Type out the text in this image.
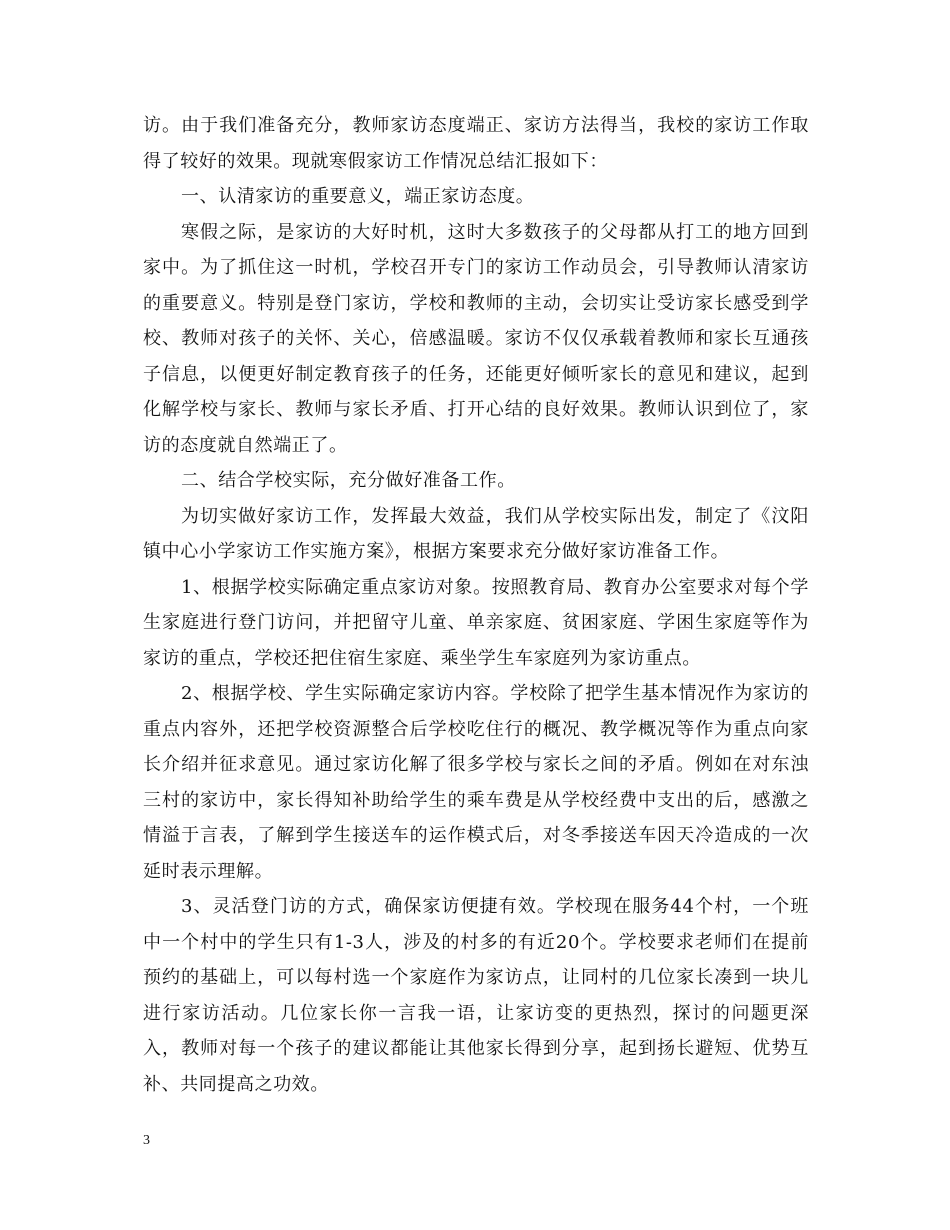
访。由于我们准备充分，教师家访态度端正、家访方法得当，我校的家访工作取得了较好的效果。现就寒假家访工作情况总结汇报如下：

一、认清家访的重要意义，端正家访态度。

寒假之际，是家访的大好时机，这时大多数孩子的父母都从打工的地方回到家中。为了抓住这一时机，学校召开专门的家访工作动员会，引导教师认清家访的重要意义。特别是登门家访，学校和教师的主动，会切实让受访家长感受到学校、教师对孩子的关怀、关心，倍感温暖。家访不仅仅承载着教师和家长互通孩子信息，以便更好制定教育孩子的任务，还能更好倾听家长的意见和建议，起到化解学校与家长、教师与家长矛盾、打开心结的良好效果。教师认识到位了，家访的态度就自然端正了。

二、结合学校实际，充分做好准备工作。

为切实做好家访工作，发挥最大效益，我们从学校实际出发，制定了《汶阳镇中心小学家访工作实施方案》，根据方案要求充分做好家访准备工作。

1、根据学校实际确定重点家访对象。按照教育局、教育办公室要求对每个学生家庭进行登门访问，并把留守儿童、单亲家庭、贫困家庭、学困生家庭等作为家访的重点，学校还把住宿生家庭、乘坐学生车家庭列为家访重点。

2、根据学校、学生实际确定家访内容。学校除了把学生基本情况作为家访的重点内容外，还把学校资源整合后学校吃住行的概况、教学概况等作为重点向家长介绍并征求意见。通过家访化解了很多学校与家长之间的矛盾。例如在对东浊三村的家访中，家长得知补助给学生的乘车费是从学校经费中支出的后，感激之情溢于言表，了解到学生接送车的运作模式后，对冬季接送车因天冷造成的一次延时表示理解。

3、灵活登门访的方式，确保家访便捷有效。学校现在服务44个村，一个班中一个村中的学生只有1-3人，涉及的村多的有近20个。学校要求老师们在提前预约的基础上，可以每村选一个家庭作为家访点，让同村的几位家长凑到一块儿进行家访活动。几位家长你一言我一语，让家访变的更热烈，探讨的问题更深入，教师对每一个孩子的建议都能让其他家长得到分享，起到扬长避短、优势互补、共同提高之功效。

3
